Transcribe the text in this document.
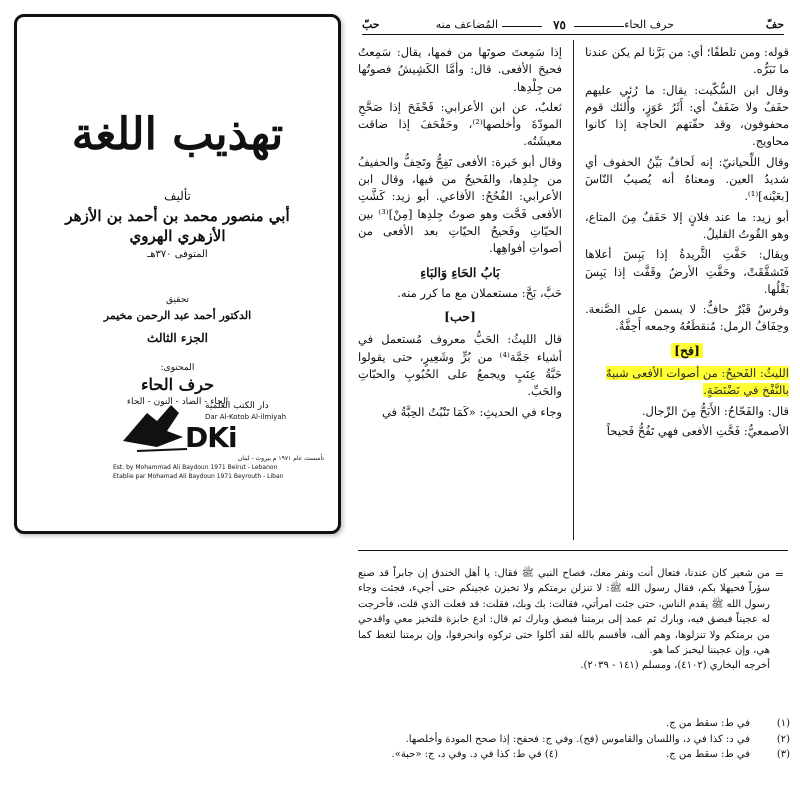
تهذيب اللغة
تأليف
أبي منصور محمد بن أحمد بن الأزهر
الأزهري الهروي
المتوفى ٣٧٠هـ
تحقيق
الدكتور أحمد عبد الرحمن مخيمر
الجزء الثالث
المحتوى:
حرف الحاء
الحاء - الضاد - النون - الحاء
دار الكتب العلمية
Dar Al-Kotob Al-ilmiyah
DKi
تأسست عام ١٩٧١ م بيروت - لبنان
Est. by Mohammad Ali Baydoun 1971 Beirut - Lebanon
Etablie par Mohamad Ali Baydoun 1971 Beyrouth - Liban
حفّ
حرف الحاء
٧٥
المُضاعف منه
حبّ

قوله: ومن تلطفًا؛ أي: من بَرَّنا لم يكن عندنا ما نَبَرُّه.

وقال ابن السُّكّيت: يقال: ما رُئي عليهم حفَفٌ ولا ضَفَفٌ أي: أَثَرُ عَوَزٍ، وأُلئك قوم محفوفون، وقد حفّتهم الحاجة إذا كانوا محاويج.

وقال اللِّحيانيّ: إنه لَحافٌ بَيِّنُ الحفوف أي شديدُ العين. ومعناهُ أنه يُصيبُ النّاسَ [بعَيْنه]⁽¹⁾.

أبو زيد: ما عند فلانٍ إلا حَفَفٌ مِنَ المتاع، وهو القُوتُ القليلُ.

ويقال: حَفَّتِ الثَّريدةُ إذا يَبِسَ أعلاها فَتَشقَّقَتْ، وحَفَّتِ الأرضُ وقَفَّت إذا يَبِسَ بَقْلُها.

وفرسٌ قَبْرٌ حافٌّ: لا يسمن على الصَّنعة. وحِفَافُ الرمل: مُنقطَعُهُ وجمعه أَحِفَّةٌ.

[فح]

الليثُ: الفَحيحُ: من أصوات الأفعى شبيهٌ
بالنَّفْخ في نَضْنَضَةٍ.

قال: والفَحّاحُ: الأَبَحُّ مِنَ الرِّجال.

الأصمعيُّ: فَحَّتِ الأفعى فهي تَفُحُّ فَحيحاً

إذا سَمِعتَ صوتَها من فمها، يقال: سَمِعتُ فحيحَ الأفعى. قال: وأمَّا الكَشِيشُ فصوتُها من جِلْدِها.

ثعلبٌ، عن ابن الأعرابي: فَحْفَحَ إذا صَحَّحِ المودّةَ وأخلصها⁽²⁾، وحَفْحَفَ إذا ضاقت معيشَتُه.

وقال أبو خَيرة: الأفعى تَفِحُّ وتَحِفُّ والحفيفُ من جِلدِها، والفَحيحُ من فيها، وقال ابن الأعرابي: الفُحُحُ: الأفاعي. أبو زيد: كَشَّتِ الأفعى فَحَّت وهو صوتُ جِلدِها [مِنْ]⁽³⁾ بين الحيّاتِ وفَحيحُ الحيّاتِ بعد الأفعى من أصواتِ أفواهِها.

بَابُ الحَاءِ وَالبَاءِ

حَبَّ، بَحَّ: مستعملان مع ما كرر منه.

[حب]

قال الليثُ: الحَبُّ معروف مُستعمل في أشياء جَمَّة⁽⁴⁾ من بُرٍّ وشَعِيرٍ، حتى يقولوا حَبَّةُ عِنَبٍ ويجمعُ على الحُبُوبِ والحبّاتِ والحَبِّ.

وجاء في الحديثِ: «كَمَا تَنْبُتُ الحِبَّةُ في

=

من شعير كان عندنا، فتعال أنت ونفر معك، فصاح النبي ﷺ فقال: يا أهل الخندق إن جابراً قد صنع سؤراً فحيهلا بكم، فقال رسول الله ﷺ: لا تنزلن برمتكم ولا تخبزن عجينكم حتى أجيء، فجئت وجاء رسول الله ﷺ يقدم الناس، حتى جئت امرأتي، فقالت: بك وبك، فقلت: قد فعلت الذي قلت، فأخرجت له عجيناً فبصق فيه، وبارك ثم عمد إلى برمتنا فبصق وبارك ثم قال: ادع خابزة فلتخبز معي واقدحي من برمتكم ولا تنزلوها، وهم ألف، فأقسم بالله لقد أكلوا حتى تركوه وانحرفوا، وإن برمتنا لتغط كما هي، وإن عجيننا ليخبز كما هو.

أخرجه البخاري (٤١٠٢)، ومسلم (١٤١ - ٢٠٣٩).

(١)
في ط: سقط من ج.
(٢)
في د: كذا في د، واللسان والقاموس (فح). وفي ج: فحفح: إذا صحح المودة وأخلصها.
(٣)
في ط: سقط من ج.
(٤) في ط: كذا في د. وفي د، ج: «حبة».
